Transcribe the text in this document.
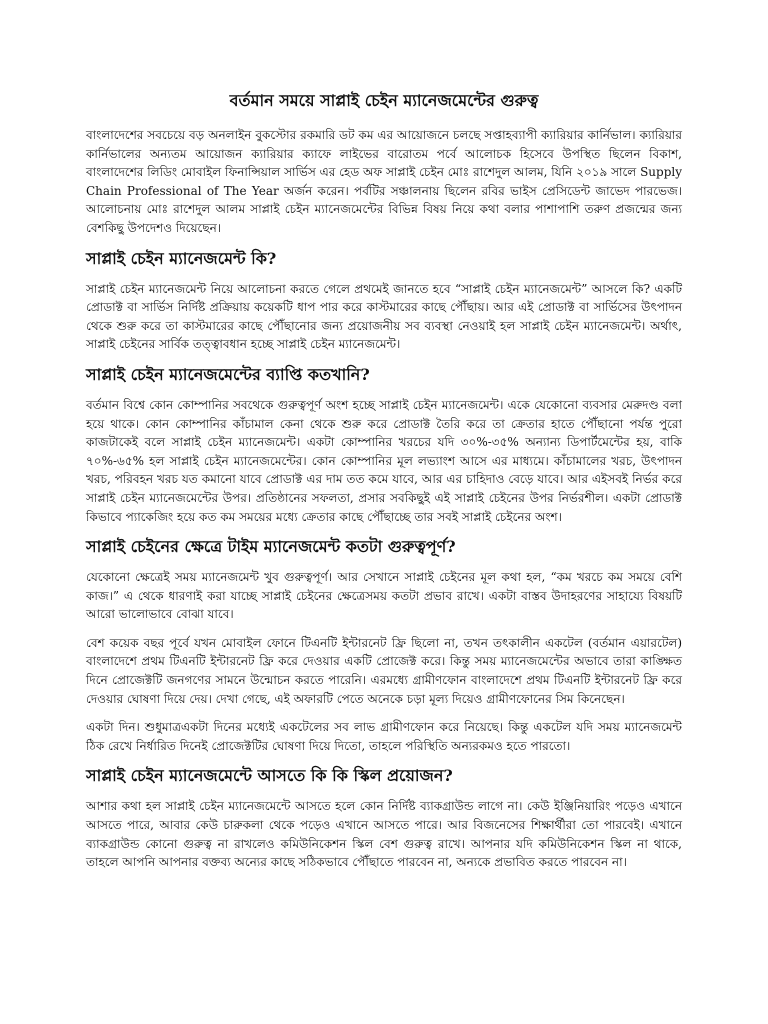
বর্তমান সময়ে সাপ্লাই চেইন ম্যানেজমেন্টের গুরুত্ব

বাংলাদেশের সবচেয়ে বড় অনলাইন বুকস্টোর রকমারি ডট কম এর আয়োজনে চলছে সপ্তাহব্যাপী ক্যারিয়ার কার্নিভাল। ক্যারিয়ার কার্নিভালের অন্যতম আয়োজন ক্যারিয়ার ক্যাফে লাইভের বারোতম পর্বে আলোচক হিসেবে উপস্থিত ছিলেন বিকাশ, বাংলাদেশের লিডিং মোবাইল ফিনান্সিয়াল সার্ভিস এর হেড অফ সাপ্লাই চেইন মোঃ রাশেদুল আলম, যিনি ২০১৯ সালে Supply Chain Professional of The Year অর্জন করেন। পর্বটির সঞ্চালনায় ছিলেন রবির ভাইস প্রেসিডেন্ট জাভেদ পারভেজ। আলোচনায় মোঃ রাশেদুল আলম সাপ্লাই চেইন ম্যানেজমেন্টের বিভিন্ন বিষয় নিয়ে কথা বলার পাশাপাশি তরুণ প্রজন্মের জন্য বেশকিছু উপদেশও দিয়েছেন।

সাপ্লাই চেইন ম্যানেজমেন্ট কি?

সাপ্লাই চেইন ম্যানেজমেন্ট নিয়ে আলোচনা করতে গেলে প্রথমেই জানতে হবে “সাপ্লাই চেইন ম্যানেজমেন্ট” আসলে কি? একটি প্রোডাক্ট বা সার্ভিস নির্দিষ্ট প্রক্রিয়ায় কয়েকটি ধাপ পার করে কাস্টমারের কাছে পৌঁছায়। আর এই প্রোডাক্ট বা সার্ভিসের উৎপাদন থেকে শুরু করে তা কাস্টমারের কাছে পৌঁছানোর জন্য প্রয়োজনীয় সব ব্যবস্থা নেওয়াই হল সাপ্লাই চেইন ম্যানেজমেন্ট। অর্থাৎ, সাপ্লাই চেইনের সার্বিক তত্ত্বাবধান হচ্ছে সাপ্লাই চেইন ম্যানেজমেন্ট।

সাপ্লাই চেইন ম্যানেজমেন্টের ব্যাপ্তি কতখানি?

বর্তমান বিশ্বে কোন কোম্পানির সবথেকে গুরুত্বপূর্ণ অংশ হচ্ছে সাপ্লাই চেইন ম্যানেজমেন্ট। একে যেকোনো ব্যবসার মেরুদণ্ড বলা হয়ে থাকে। কোন কোম্পানির কাঁচামাল কেনা থেকে শুরু করে প্রোডাক্ট তৈরি করে তা ক্রেতার হাতে পৌঁছানো পর্যন্ত পুরো কাজটাকেই বলে সাপ্লাই চেইন ম্যানেজমেন্ট। একটা কোম্পানির খরচের যদি ৩০%-৩৫% অন্যান্য ডিপার্টমেন্টের হয়, বাকি ৭০%-৬৫% হল সাপ্লাই চেইন ম্যানেজমেন্টের। কোন কোম্পানির মূল লভ্যাংশ আসে এর মাধ্যমে। কাঁচামালের খরচ, উৎপাদন খরচ, পরিবহন খরচ যত কমানো যাবে প্রোডাক্ট এর দাম তত কমে যাবে, আর এর চাহিদাও বেড়ে যাবে। আর এইসবই নির্ভর করে সাপ্লাই চেইন ম্যানেজমেন্টের উপর। প্রতিষ্ঠানের সফলতা, প্রসার সবকিছুই এই সাপ্লাই চেইনের উপর নির্ভরশীল। একটা প্রোডাক্ট কিভাবে প্যাকেজিং হয়ে কত কম সময়ের মধ্যে ক্রেতার কাছে পৌঁছাচ্ছে তার সবই সাপ্লাই চেইনের অংশ।

সাপ্লাই চেইনের ক্ষেত্রে টাইম ম্যানেজমেন্ট কতটা গুরুত্বপূর্ণ?

যেকোনো ক্ষেত্রেই সময় ম্যানেজমেন্ট খুব গুরুত্বপূর্ণ। আর সেখানে সাপ্লাই চেইনের মূল কথা হল, “কম খরচে কম সময়ে বেশি কাজ।” এ থেকে ধারণাই করা যাচ্ছে সাপ্লাই চেইনের ক্ষেত্রেসময় কতটা প্রভাব রাখে। একটা বাস্তব উদাহরণের সাহায্যে বিষয়টি আরো ভালোভাবে বোঝা যাবে।

বেশ কয়েক বছর পূর্বে যখন মোবাইল ফোনে টিএনটি ইন্টারনেট ফ্রি ছিলো না, তখন তৎকালীন একটেল (বর্তমান এয়ারটেল) বাংলাদেশে প্রথম টিএনটি ইন্টারনেট ফ্রি করে দেওয়ার একটি প্রোজেক্ট করে। কিন্তু সময় ম্যানেজমেন্টের অভাবে তারা কাঙ্ক্ষিত দিনে প্রোজেক্টটি জনগণের সামনে উন্মোচন করতে পারেনি। এরমধ্যে গ্রামীণফোন বাংলাদেশে প্রথম টিএনটি ইন্টারনেট ফ্রি করে দেওয়ার ঘোষণা দিয়ে দেয়। দেখা গেছে, এই অফারটি পেতে অনেকে চড়া মূল্য দিয়েও গ্রামীণফোনের সিম কিনেছেন।

একটা দিন। শুধুমাত্রএকটা দিনের মধ্যেই একটেলের সব লাভ গ্রামীণফোন করে নিয়েছে। কিন্তু একটেল যদি সময় ম্যানেজমেন্ট ঠিক রেখে নির্ধারিত দিনেই প্রোজেক্টটির ঘোষণা দিয়ে দিতো, তাহলে পরিস্থিতি অন্যরকমও হতে পারতো।

সাপ্লাই চেইন ম্যানেজমেন্টে আসতে কি কি স্কিল প্রয়োজন?

আশার কথা হল সাপ্লাই চেইন ম্যানেজমেন্টে আসতে হলে কোন নির্দিষ্ট ব্যাকগ্রাউন্ড লাগে না। কেউ ইঞ্জিনিয়ারিং পড়েও এখানে আসতে পারে, আবার কেউ চারুকলা থেকে পড়েও এখানে আসতে পারে। আর বিজনেসের শিক্ষার্থীরা তো পারবেই। এখানে ব্যাকগ্রাউন্ড কোনো গুরুত্ব না রাখলেও কমিউনিকেশন স্কিল বেশ গুরুত্ব রাখে। আপনার যদি কমিউনিকেশন স্কিল না থাকে, তাহলে আপনি আপনার বক্তব্য অন্যের কাছে সঠিকভাবে পৌঁছাতে পারবেন না, অন্যকে প্রভাবিত করতে পারবেন না।
